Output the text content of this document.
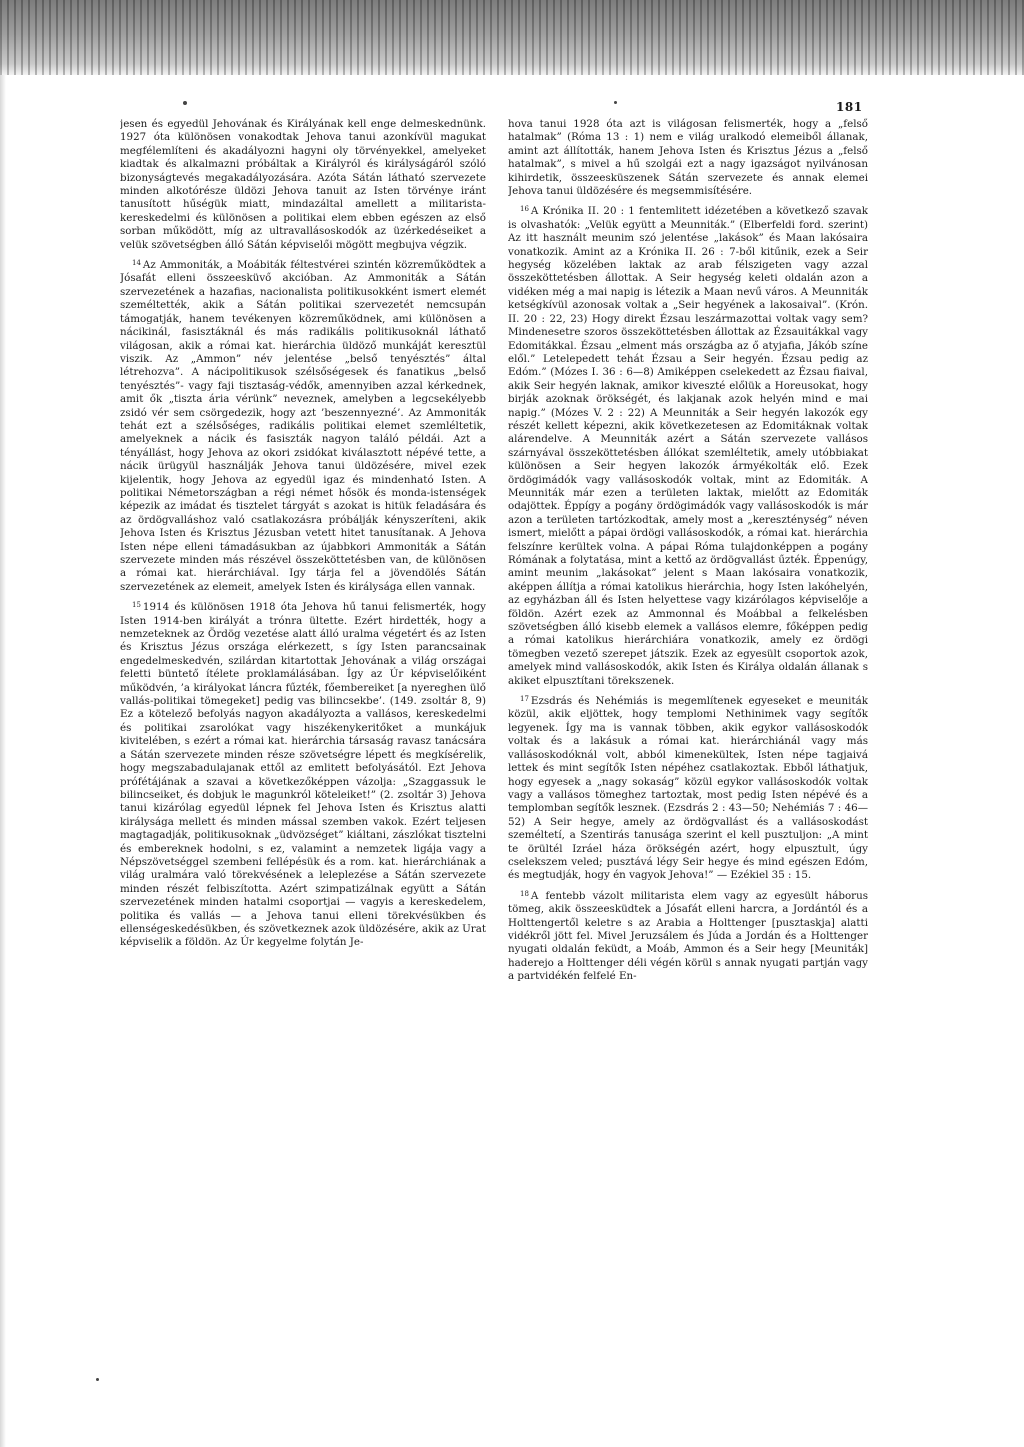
181

jesen és egyedül Jehovának és Királyának kell enge delmeskednünk. 1927 óta különösen vonakodtak Jehova tanui azonkívül magukat megfélemlíteni és akadályozni hagyni oly törvényekkel, amelyeket kiadtak és alkalmazni próbáltak a Királyról és királyságáról szóló bizonyságtevés megakadályozására. Azóta Sátán látható szervezete minden alkotórésze üldözi Jehova tanuit az Isten törvénye iránt tanusított hűségük miatt, mindazáltal amellett a militarista-kereskedelmi és különösen a politikai elem ebben egészen az első sorban működött, míg az ultravallásoskodók az üzérkedéseiket a velük szövetségben álló Sátán képviselői mögött megbujva végzik.

$^{14}$ Az Ammoniták, a Moábiták féltestvérei szintén közreműködtek a Jósafát elleni összeesküvő akcióban. Az Ammoniták a Sátán szervezetének a hazafias, nacionalista politikusokként ismert elemét személtették, akik a Sátán politikai szervezetét nemcsupán támogatják, hanem tevékenyen közreműködnek, ami különösen a nácikinál, fasisztáknál és más radikális politikusoknál láthatő világosan, akik a római kat. hierárchia üldöző munkáját keresztül viszik. Az „Ammon” név jelentése „belső tenyésztés” által létrehozva”. A nácipolitikusok szélsőségesek és fanatikus „belső tenyésztés”- vagy faji tisztaság-védők, amennyiben azzal kérkednek, amit ők „tiszta ária vérünk” neveznek, amelyben a legcsekélyebb zsidó vér sem csörgedezik, hogy azt ’beszennyezné’. Az Ammoniták tehát ezt a szélsőséges, radikális politikai elemet szemléltetik, amelyeknek a nácik és fasiszták nagyon találó példái. Azt a tényállást, hogy Jehova az okori zsidókat kiválasztott népévé tette, a nácik ürügyül használják Jehova tanui üldözésére, mivel ezek kijelentik, hogy Jehova az egyedül igaz és mindenható Isten. A politikai Németországban a régi német hősök és monda-istenségek képezik az imádat és tisztelet tárgyát s azokat is hitük feladására és az ördögvalláshoz való csatlakozásra próbálják kényszeríteni, akik Jehova Isten és Krisztus Jézusban vetett hitet tanusítanak. A Jehova Isten népe elleni támadásukban az újabbkori Ammoniták a Sátán szervezete minden más részével összeköttetésben van, de különösen a római kat. hierárchiával. Igy tárja fel a jövendölés Sátán szervezetének az elemeit, amelyek Isten és királysága ellen vannak.

$^{15}$ 1914 és különösen 1918 óta Jehova hű tanui felismerték, hogy Isten 1914-ben királyát a trónra ültette. Ezért hirdették, hogy a nemzeteknek az Ördög vezetése alatt álló uralma végetért és az Isten és Krisztus Jézus országa elérkezett, s így Isten parancsainak engedelmeskedvén, szilárdan kitartottak Jehovának a világ országai feletti büntető ítélete proklamálásában. Így az Úr képviselőiként működvén, ’a királyokat láncra fűzték, főembereiket [a nyereghen ülő vallás-politikai tömegeket] pedig vas bilincsekbe’. (149. zsoltár 8, 9) Ez a kötelező befolyás nagyon akadályozta a vallásos, kereskedelmi és politikai zsarolókat vagy hiszékenykeritőket a munkájuk kivitelében, s ezért a római kat. hierárchia társaság ravasz tanácsára a Sátán szervezete minden része szövetségre lépett és megkísérelik, hogy megszabadulajanak ettől az emlitett befolyásától. Ezt Jehova prófétájának a szavai a következőképpen vázolja: „Szaggassuk le bilincseiket, és dobjuk le magunkról köteleiket!” (2. zsoltár 3) Jehova tanui kizárólag egyedül lépnek fel Jehova Isten és Krisztus alatti királysága mellett és minden mással szemben vakok. Ezért teljesen magtagadják, politikusoknak „üdvözséget” kiáltani, zászlókat tisztelni és embereknek hodolni, s ez, valamint a nemzetek ligája vagy a Népszövetséggel szembeni fellépésük és a rom. kat. hierárchiának a világ uralmára való törekvésének a leleplezése a Sátán szervezete minden részét felbiszította. Azért szimpatizálnak együtt a Sátán szervezetének minden hatalmi csoportjai — vagyis a kereskedelem, politika és vallás — a Jehova tanui elleni törekvésükben és ellenségeskedésükben, és szövetkeznek azok üldözésére, akik az Urat képviselik a földön. Az Úr kegyelme folytán Je-

hova tanui 1928 óta azt is világosan felismerték, hogy a „felső hatalmak” (Róma 13 : 1) nem e világ uralkodó elemeiből állanak, amint azt állították, hanem Jehova Isten és Krisztus Jézus a „felső hatalmak”, s mivel a hű szolgái ezt a nagy igazságot nyilvánosan kihirdetik, összeesküszenek Sátán szervezete és annak elemei Jehova tanui üldözésére és megsemmisítésére.

$^{16}$ A Krónika II. 20 : 1 fentemlitett idézetében a következő szavak is olvashatók: „Velük együtt a Meunniták.” (Elberfeldi ford. szerint) Az itt használt meunim szó jelentése „lakások” és Maan lakósaira vonatkozik. Amint az a Krónika II. 26 : 7-ből kitűnik, ezek a Seir hegység közelében laktak az arab félszigeten vagy azzal összeköttetésben állottak. A Seir hegység keleti oldalán azon a vidéken még a mai napig is létezik a Maan nevű város. A Meunniták ketségkívül azonosak voltak a „Seir hegyének a lakosaival”. (Krón. II. 20 : 22, 23) Hogy direkt Ézsau leszármazottai voltak vagy sem? Mindenesetre szoros összeköttetésben állottak az Ézsauitákkal vagy Edomitákkal. Ézsau „elment más országba az ő atyjafia, Jákób színe elől.” Letelepedett tehát Ézsau a Seir hegyén. Ézsau pedig az Edóm.” (Mózes I. 36 : 6—8) Amiképpen cselekedett az Ézsau fiaival, akik Seir hegyén laknak, amikor kiveszté előlük a Horeusokat, hogy birják azoknak örökségét, és lakjanak azok helyén mind e mai napig.” (Mózes V. 2 : 22) A Meunniták a Seir hegyén lakozók egy részét kellett képezni, akik következetesen az Edomitáknak voltak alárendelve. A Meunniták azért a Sátán szervezete vallásos szárnyával összeköttetésben állókat szemléltetik, amely utóbbiakat különösen a Seir hegyen lakozók ármyékolták elő. Ezek ördögimádók vagy vallásoskodók voltak, mint az Edomiták. A Meunniták már ezen a területen laktak, mielőtt az Edomiták odajöttek. Éppígy a pogány ördögimádók vagy vallásoskodók is már azon a területen tartózkodtak, amely most a „kereszténység” néven ismert, mielőtt a pápai ördögi vallásoskodók, a római kat. hierárchia felszínre kerültek volna. A pápai Róma tulajdonképpen a pogány Rómának a folytatása, mint a kettő az ördögvallást űzték. Éppenúgy, amint meunim „lakásokat” jelent s Maan lakósaira vonatkozik, aképpen állítja a római katolikus hierárchia, hogy Isten lakóhelyén, az egyházban áll és Isten helyettese vagy kizárólagos képviselője a földön. Azért ezek az Ammonnal és Moábbal a felkelésben szövetségben álló kisebb elemek a vallásos elemre, főképpen pedig a római katolikus hierárchiára vonatkozik, amely ez ördögi tömegben vezető szerepet játszik. Ezek az egyesült csoportok azok, amelyek mind vallásoskodók, akik Isten és Királya oldalán állanak s akiket elpusztítani törekszenek.

$^{17}$ Ezsdrás és Nehémiás is megemlítenek egyeseket e meuniták közül, akik eljöttek, hogy templomi Nethinimek vagy segítők legyenek. Így ma is vannak többen, akik egykor vallásoskodók voltak és a lakásuk a római kat. hierárchiánál vagy más vallásoskodóknál volt, abból kimenekültek, Isten népe tagjaivá lettek és mint segítők Isten népéhez csatlakoztak. Ebből láthatjuk, hogy egyesek a „nagy sokaság” közül egykor vallásoskodók voltak vagy a vallásos tömeghez tartoztak, most pedig Isten népévé és a templomban segítők lesznek. (Ezsdrás 2 : 43—50; Nehémiás 7 : 46—52) A Seir hegye, amely az ördögvallást és a vallásoskodást személtetí, a Szentirás tanusága szerint el kell pusztuljon: „A mint te örültél Izráel háza örökségén azért, hogy elpusztult, úgy cselekszem veled; pusztává légy Seir hegye és mind egészen Edóm, és megtudják, hogy én vagyok Jehova!” — Ezékiel 35 : 15.

$^{18}$ A fentebb vázolt militarista elem vagy az egyesült háborus tömeg, akik összeesküdtek a Jósafát elleni harcra, a Jordántól és a Holttengertől keletre s az Arabia a Holttenger [pusztaskja] alatti vidékről jött fel. Mivel Jeruzsálem és Júda a Jordán és a Holttenger nyugati oldalán feküdt, a Moáb, Ammon és a Seir hegy [Meuniták] haderejo a Holttenger déli végén körül s annak nyugati partján vagy a partvidékén felfelé En-
